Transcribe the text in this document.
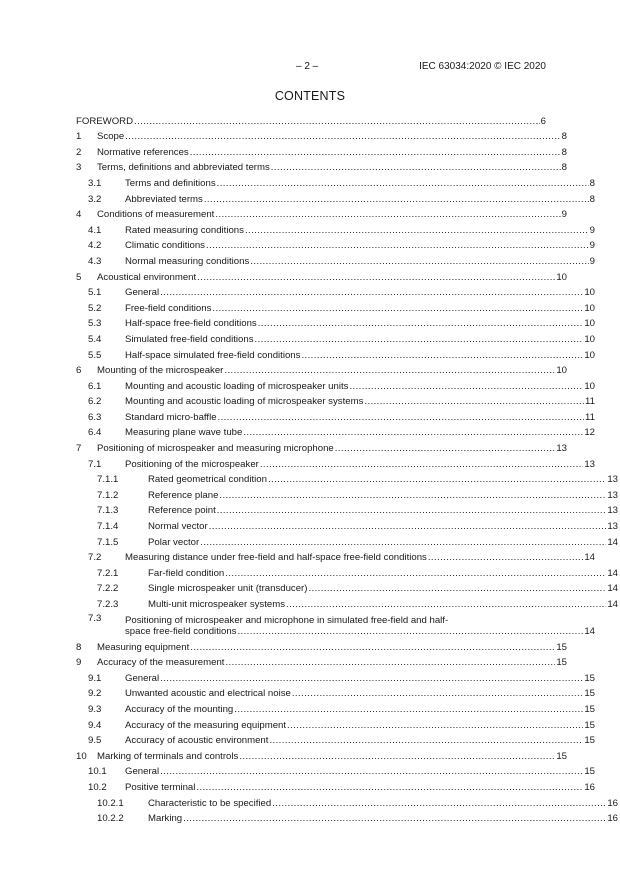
– 2 –	IEC 63034:2020 © IEC 2020
CONTENTS
FOREWORD .....	6
1 Scope .....	8
2 Normative references .....	8
3 Terms, definitions and abbreviated terms .....	8
3.1 Terms and definitions .....	8
3.2 Abbreviated terms .....	8
4 Conditions of measurement .....	9
4.1 Rated measuring conditions .....	9
4.2 Climatic conditions .....	9
4.3 Normal measuring conditions .....	9
5 Acoustical environment .....	10
5.1 General .....	10
5.2 Free-field conditions .....	10
5.3 Half-space free-field conditions .....	10
5.4 Simulated free-field conditions .....	10
5.5 Half-space simulated free-field conditions .....	10
6 Mounting of the microspeaker .....	10
6.1 Mounting and acoustic loading of microspeaker units .....	10
6.2 Mounting and acoustic loading of microspeaker systems .....	11
6.3 Standard micro-baffle .....	11
6.4 Measuring plane wave tube .....	12
7 Positioning of microspeaker and measuring microphone .....	13
7.1 Positioning of the microspeaker .....	13
7.1.1	Rated geometrical condition .....	13
7.1.2	Reference plane .....	13
7.1.3	Reference point .....	13
7.1.4	Normal vector .....	13
7.1.5	Polar vector .....	14
7.2 Measuring distance under free-field and half-space free-field conditions .....	14
7.2.1	Far-field condition .....	14
7.2.2	Single microspeaker unit (transducer) .....	14
7.2.3	Multi-unit microspeaker systems .....	14
7.3 Positioning of microspeaker and microphone in simulated free-field and half-
space free-field conditions .....	14
8 Measuring equipment .....	15
9 Accuracy of the measurement .....	15
9.1 General .....	15
9.2 Unwanted acoustic and electrical noise .....	15
9.3 Accuracy of the mounting .....	15
9.4 Accuracy of the measuring equipment .....	15
9.5 Accuracy of acoustic environment .....	15
10 Marking of terminals and controls .....	15
10.1 General .....	15
10.2 Positive terminal .....	16
10.2.1	Characteristic to be specified .....	16
10.2.2	Marking .....	16
